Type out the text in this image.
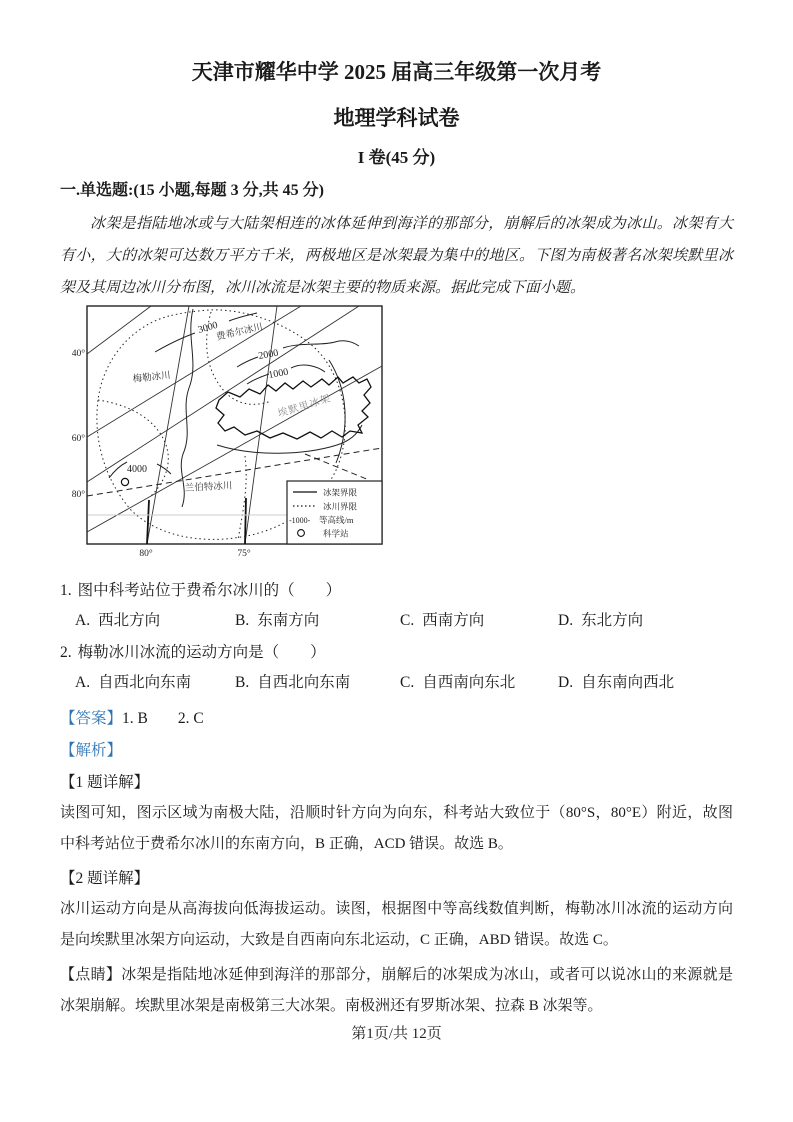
天津市耀华中学 2025 届高三年级第一次月考
地理学科试卷
I 卷(45 分)
一.单选题:(15 小题,每题 3 分,共 45 分)

冰架是指陆地冰或与大陆架相连的冰体延伸到海洋的那部分，崩解后的冰架成为冰山。冰架有大有小，大的冰架可达数万平方千米，两极地区是冰架最为集中的地区。下图为南极著名冰架埃默里冰架及其周边冰川分布图，冰川冰流是冰架主要的物质来源。据此完成下面小题。

3000
2000
1000
4000
费希尔冰川
梅勒冰川
兰伯特冰川
埃默里冰架
冰架界限
冰川界限
-1000- 等高线/m
科学站
40°
60°
80°
80°	75°
1. 图中科考站位于费希尔冰川的（　　）
A. 西北方向	B. 东南方向	C. 西南方向	D. 东北方向
2. 梅勒冰川冰流的运动方向是（　　）
A. 自西北向东南	B. 自西北向东南	C. 自西南向东北	D. 自东南向西北
【答案】1. B 2. C
【解析】
【1 题详解】

读图可知，图示区域为南极大陆，沿顺时针方向为向东，科考站大致位于（80°S，80°E）附近，故图中科考站位于费希尔冰川的东南方向，B 正确，ACD 错误。故选 B。

【2 题详解】

冰川运动方向是从高海拔向低海拔运动。读图，根据图中等高线数值判断，梅勒冰川冰流的运动方向是向埃默里冰架方向运动，大致是自西南向东北运动，C 正确，ABD 错误。故选 C。

【点睛】冰架是指陆地冰延伸到海洋的那部分，崩解后的冰架成为冰山，或者可以说冰山的来源就是冰架崩解。埃默里冰架是南极第三大冰架。南极洲还有罗斯冰架、拉森 B 冰架等。

第1页/共 12页
